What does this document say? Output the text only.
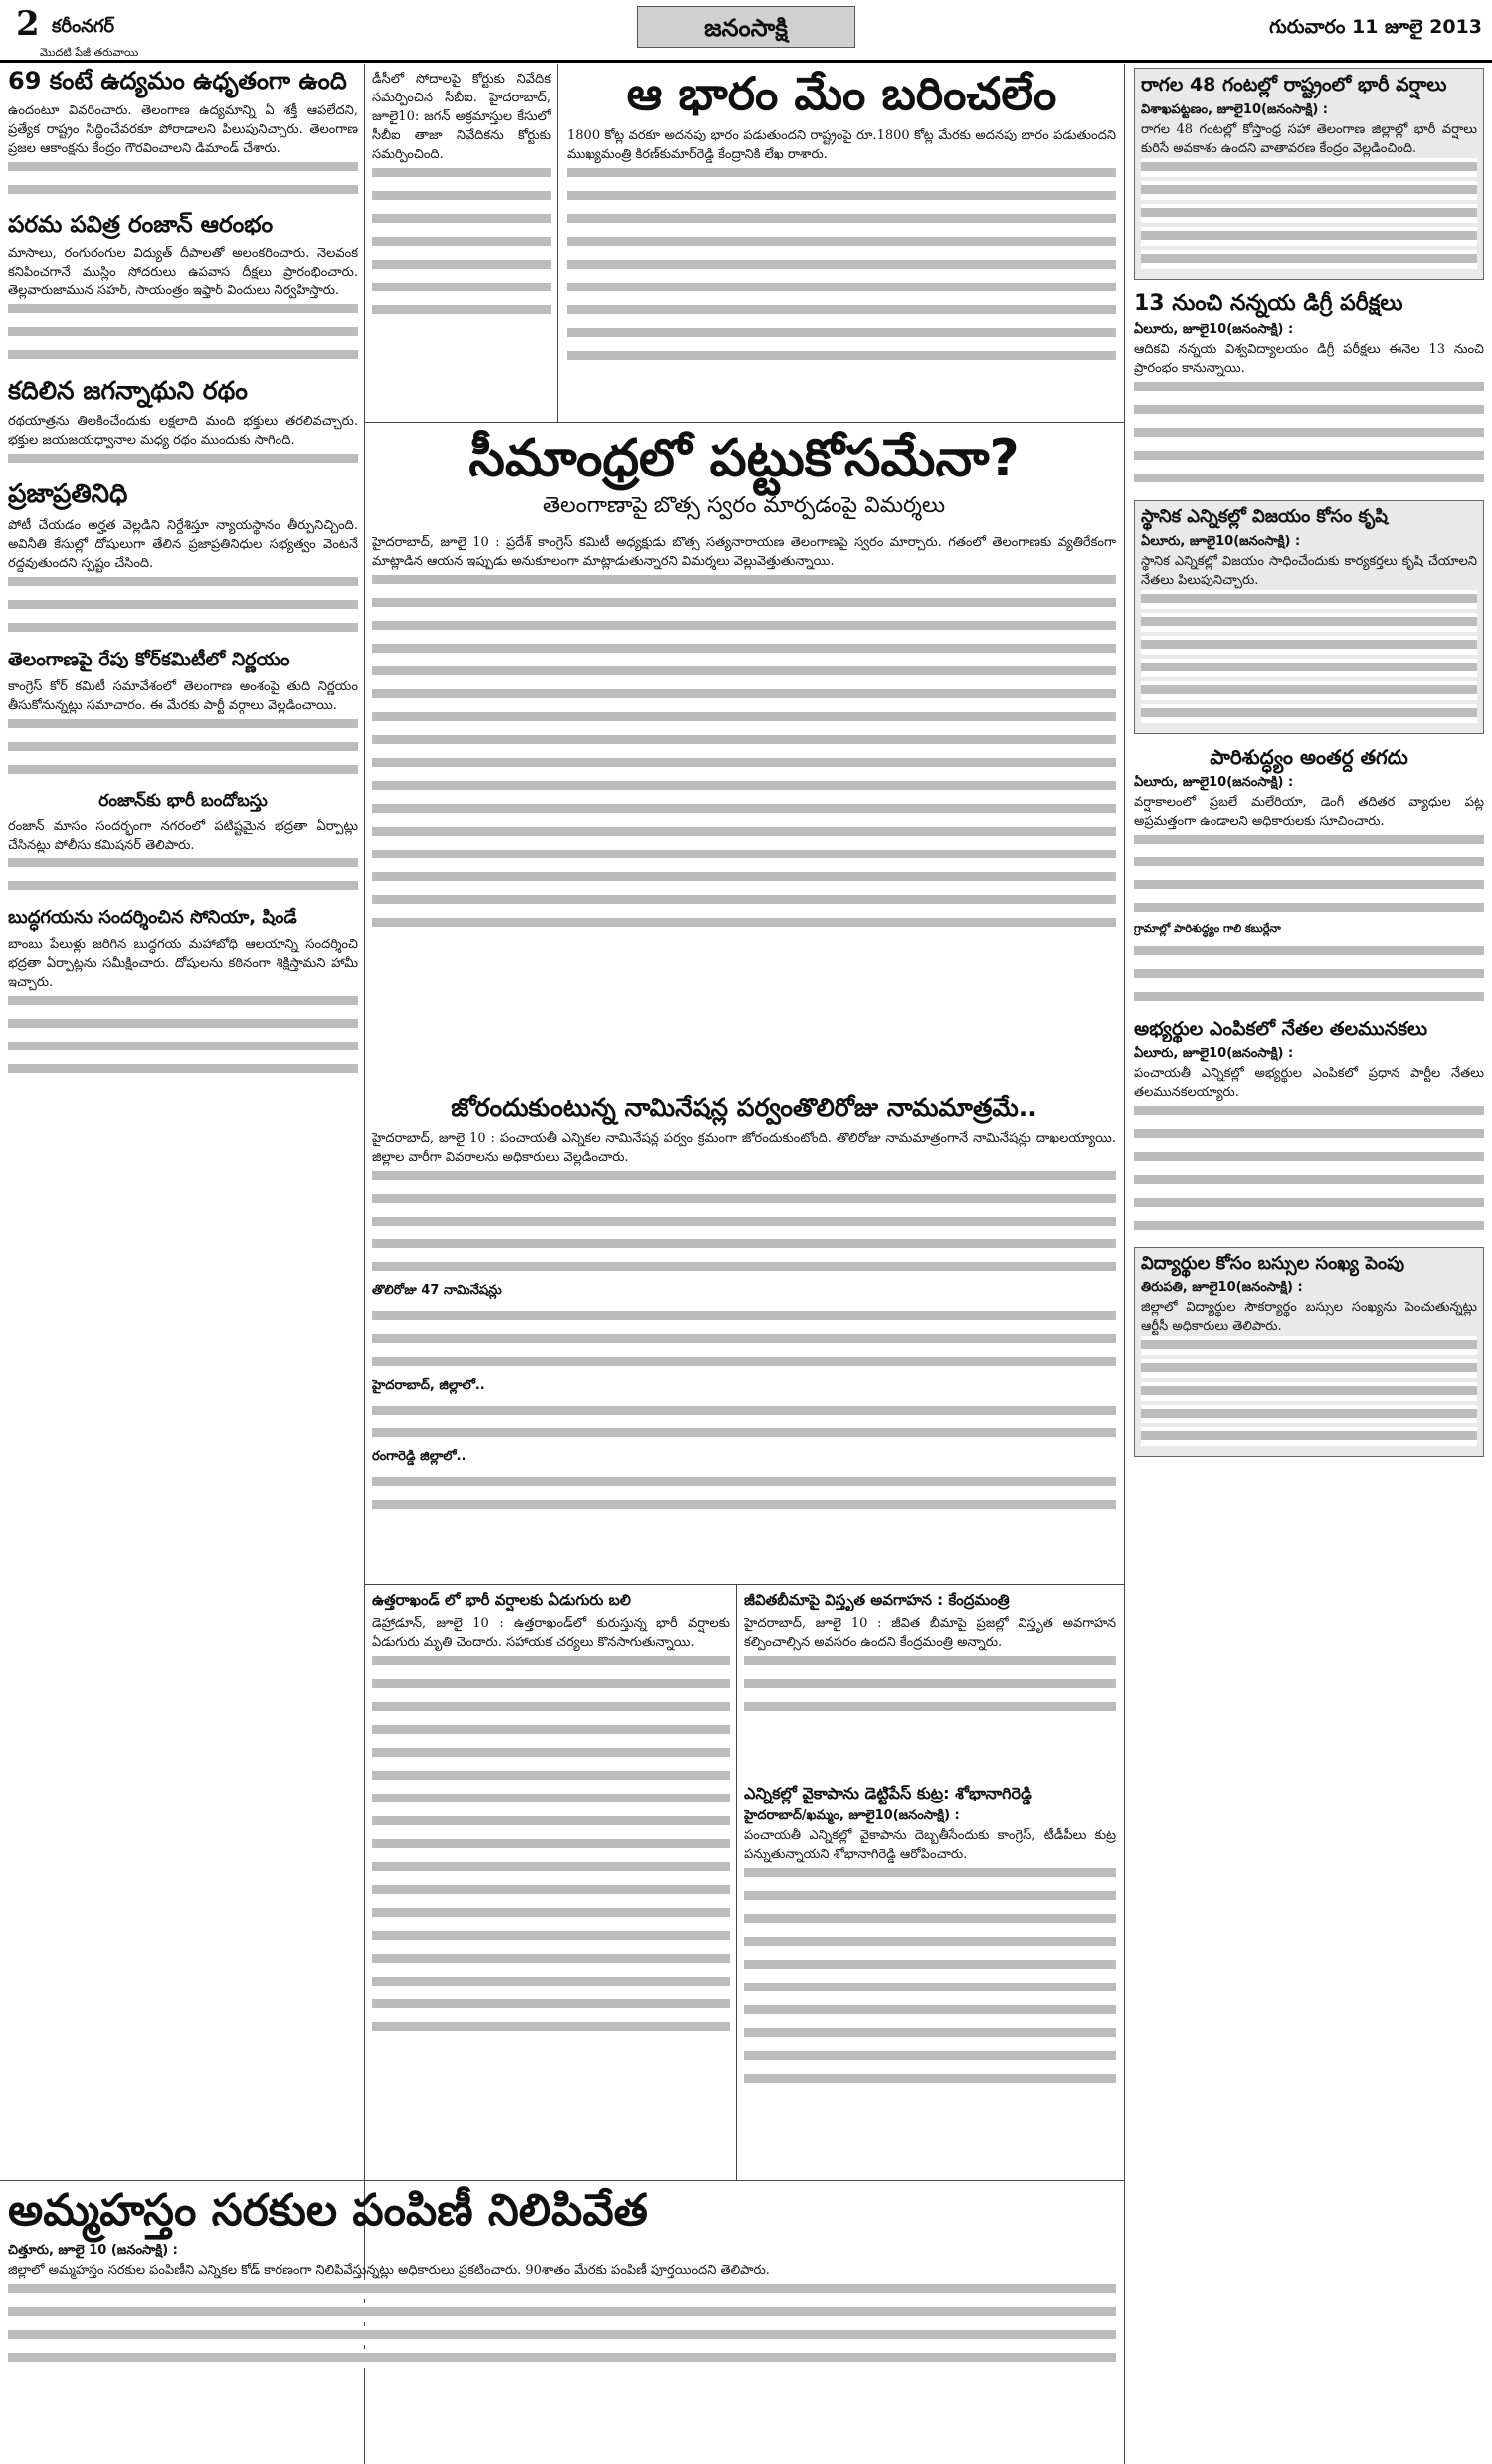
2 కరీంనగర్	జనంసాక్షి	గురువారం 11 జూలై 2013
మొదటి పేజీ తరువాయి
69 కంటే ఉద్యమం ఉధృతంగా ఉంది
ఉందంటూ వివరించారు. తెలంగాణ ఉద్యమాన్ని ఏ శక్తీ ఆపలేదని, ప్రత్యేక రాష్ట్రం సిద్ధించేవరకూ పోరాడాలని పిలుపునిచ్చారు. తెలంగాణ ప్రజల ఆకాంక్షను కేంద్రం గౌరవించాలని డిమాండ్ చేశారు.
పరమ పవిత్ర రంజాన్ ఆరంభం
మాసాలు, రంగురంగుల విద్యుత్ దీపాలతో అలంకరించారు. నెలవంక కనిపించగానే ముస్లిం సోదరులు ఉపవాస దీక్షలు ప్రారంభించారు. తెల్లవారుజామున సహర్, సాయంత్రం ఇఫ్తార్ విందులు నిర్వహిస్తారు.
కదిలిన జగన్నాథుని రథం
రథయాత్రను తిలకించేందుకు లక్షలాది మంది భక్తులు తరలివచ్చారు. భక్తుల జయజయధ్వానాల మధ్య రథం ముందుకు సాగింది.
ప్రజాప్రతినిధి
పోటీ చేయడం అర్హత వెల్లడిని నిర్దేశిస్తూ న్యాయస్థానం తీర్పునిచ్చింది. అవినీతి కేసుల్లో దోషులుగా తేలిన ప్రజాప్రతినిధుల సభ్యత్వం వెంటనే రద్దవుతుందని స్పష్టం చేసింది.
తెలంగాణపై రేపు కోర్‌కమిటీలో నిర్ణయం
కాంగ్రెస్ కోర్ కమిటీ సమావేశంలో తెలంగాణ అంశంపై తుది నిర్ణయం తీసుకోనున్నట్లు సమాచారం. ఈ మేరకు పార్టీ వర్గాలు వెల్లడించాయి.
రంజాన్‌కు భారీ బందోబస్తు
రంజాన్ మాసం సందర్భంగా నగరంలో పటిష్టమైన భద్రతా ఏర్పాట్లు చేసినట్లు పోలీసు కమిషనర్ తెలిపారు.
బుద్ధగయను సందర్శించిన సోనియా, షిండే
బాంబు పేలుళ్లు జరిగిన బుద్ధగయ మహాబోధి ఆలయాన్ని సందర్శించి భద్రతా ఏర్పాట్లను సమీక్షించారు. దోషులను కఠినంగా శిక్షిస్తామని హామీ ఇచ్చారు.
డీసీలో సోదాలపై కోర్టుకు నివేదిక సమర్పించిన సీబీఐ. హైదరాబాద్, జూలై10: జగన్ అక్రమాస్తుల కేసులో సీబీఐ తాజా నివేదికను కోర్టుకు సమర్పించింది.
ఆ భారం మేం బరించలేం
1800 కోట్ల వరకూ అదనపు భారం పడుతుందని రాష్ట్రంపై రూ.1800 కోట్ల మేరకు అదనపు భారం పడుతుందని ముఖ్యమంత్రి కిరణ్‌కుమార్‌రెడ్డి కేంద్రానికి లేఖ రాశారు.
సీమాంధ్రలో పట్టుకోసమేనా?
తెలంగాణాపై బొత్స స్వరం మార్పడంపై విమర్శలు
హైదరాబాద్, జూలై 10 : ప్రదేశ్ కాంగ్రెస్ కమిటీ అధ్యక్షుడు బొత్స సత్యనారాయణ తెలంగాణపై స్వరం మార్చారు. గతంలో తెలంగాణకు వ్యతిరేకంగా మాట్లాడిన ఆయన ఇప్పుడు అనుకూలంగా మాట్లాడుతున్నారని విమర్శలు వెల్లువెత్తుతున్నాయి.
జోరందుకుంటున్న నామినేషన్ల పర్వంతొలిరోజు నామమాత్రమే..
హైదరాబాద్, జూలై 10 : పంచాయతీ ఎన్నికల నామినేషన్ల పర్వం క్రమంగా జోరందుకుంటోంది. తొలిరోజు నామమాత్రంగానే నామినేషన్లు దాఖలయ్యాయి. జిల్లాల వారీగా వివరాలను అధికారులు వెల్లడించారు.
తొలిరోజు 47 నామినేషన్లు
హైదరాబాద్, జిల్లాలో..
రంగారెడ్డి జిల్లాలో..
ఉత్తరాఖండ్ లో భారీ వర్షాలకు ఏడుగురు బలి
డెహ్రాడూన్, జూలై 10 : ఉత్తరాఖండ్‌లో కురుస్తున్న భారీ వర్షాలకు ఏడుగురు మృతి చెందారు. సహాయక చర్యలు కొనసాగుతున్నాయి.
జీవితబీమాపై విస్తృత అవగాహన : కేంద్రమంత్రి
హైదరాబాద్, జూలై 10 : జీవిత బీమాపై ప్రజల్లో విస్తృత అవగాహన కల్పించాల్సిన అవసరం ఉందని కేంద్రమంత్రి అన్నారు.
ఎన్నికల్లో వైకాపాను డెట్టిపేస్ కుట్ర: శోభానాగిరెడ్డి
హైదరాబాద్/ఖమ్మం, జూలై10(జనంసాక్షి) :
పంచాయతీ ఎన్నికల్లో వైకాపాను దెబ్బతీసేందుకు కాంగ్రెస్, టీడీపీలు కుట్ర పన్నుతున్నాయని శోభానాగిరెడ్డి ఆరోపించారు.
అమ్మహస్తం సరకుల పంపిణీ నిలిపివేత
చిత్తూరు, జూలై 10 (జనంసాక్షి) :
జిల్లాలో అమ్మహస్తం సరకుల పంపిణీని ఎన్నికల కోడ్ కారణంగా నిలిపివేస్తున్నట్లు అధికారులు ప్రకటించారు. 90శాతం మేరకు పంపిణీ పూర్తయిందని తెలిపారు.
రాగల 48 గంటల్లో రాష్ట్రంలో భారీ వర్షాలు
విశాఖపట్టణం, జూలై10(జనంసాక్షి) :
రాగల 48 గంటల్లో కోస్తాంధ్ర సహా తెలంగాణ జిల్లాల్లో భారీ వర్షాలు కురిసే అవకాశం ఉందని వాతావరణ కేంద్రం వెల్లడించింది.
13 నుంచి నన్నయ డిగ్రీ పరీక్షలు
ఏలూరు, జూలై10(జనంసాక్షి) :
ఆదికవి నన్నయ విశ్వవిద్యాలయం డిగ్రీ పరీక్షలు ఈనెల 13 నుంచి ప్రారంభం కానున్నాయి.
స్థానిక ఎన్నికల్లో విజయం కోసం కృషి
ఏలూరు, జూలై10(జనంసాక్షి) :
స్థానిక ఎన్నికల్లో విజయం సాధించేందుకు కార్యకర్తలు కృషి చేయాలని నేతలు పిలుపునిచ్చారు.
పారిశుద్ధ్యం అంతర్ద తగదు
ఏలూరు, జూలై10(జనంసాక్షి) :
వర్షాకాలంలో ప్రబలే మలేరియా, డెంగీ తదితర వ్యాధుల పట్ల అప్రమత్తంగా ఉండాలని అధికారులకు సూచించారు.
గ్రామాల్లో పారిశుద్ధ్యం గాలి కబుర్లేనా
అభ్యర్థుల ఎంపికలో నేతల తలమునకలు
ఏలూరు, జూలై10(జనంసాక్షి) :
పంచాయతీ ఎన్నికల్లో అభ్యర్థుల ఎంపికలో ప్రధాన పార్టీల నేతలు తలమునకలయ్యారు.
విద్యార్థుల కోసం బస్సుల సంఖ్య పెంపు
తిరుపతి, జూలై10(జనంసాక్షి) :
జిల్లాలో విద్యార్థుల సౌకర్యార్థం బస్సుల సంఖ్యను పెంచుతున్నట్లు ఆర్టీసీ అధికారులు తెలిపారు.
